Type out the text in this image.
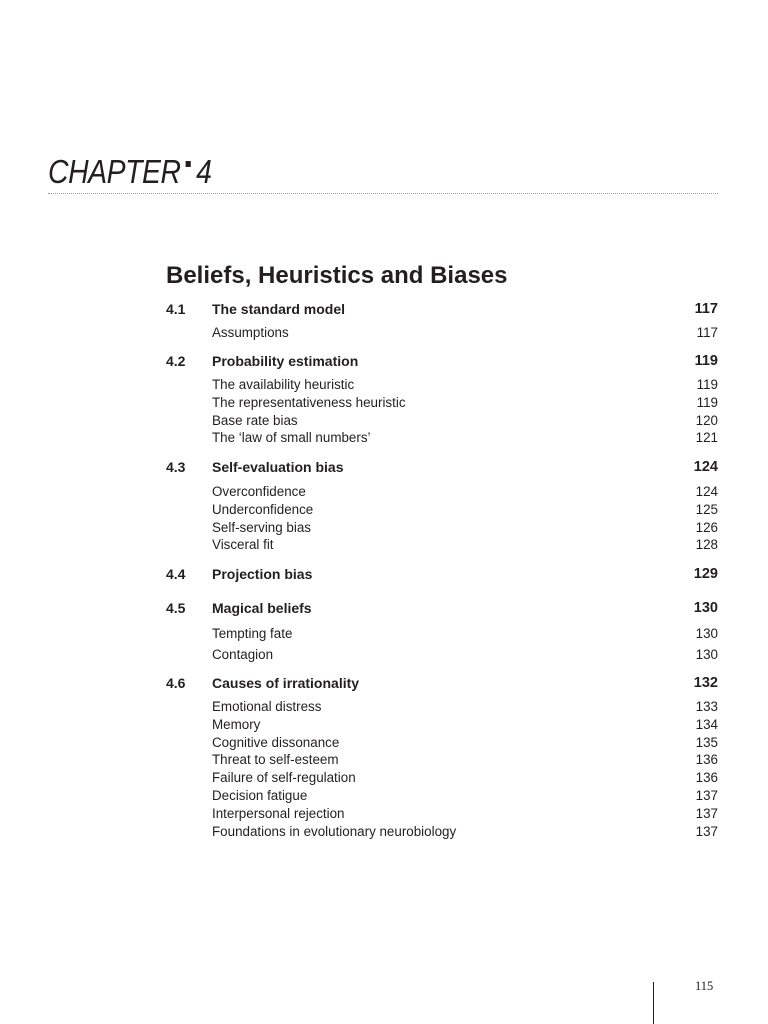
CHAPTER 4
Beliefs, Heuristics and Biases
4.1 The standard model	117
Assumptions	117
4.2 Probability estimation	119
The availability heuristic	119
The representativeness heuristic	119
Base rate bias	120
The ‘law of small numbers’	121
4.3 Self-evaluation bias	124
Overconfidence	124
Underconfidence	125
Self-serving bias	126
Visceral fit	128
4.4 Projection bias	129
4.5 Magical beliefs	130
Tempting fate	130
Contagion	130
4.6 Causes of irrationality	132
Emotional distress	133
Memory	134
Cognitive dissonance	135
Threat to self-esteem	136
Failure of self-regulation	136
Decision fatigue	137
Interpersonal rejection	137
Foundations in evolutionary neurobiology	137
115
